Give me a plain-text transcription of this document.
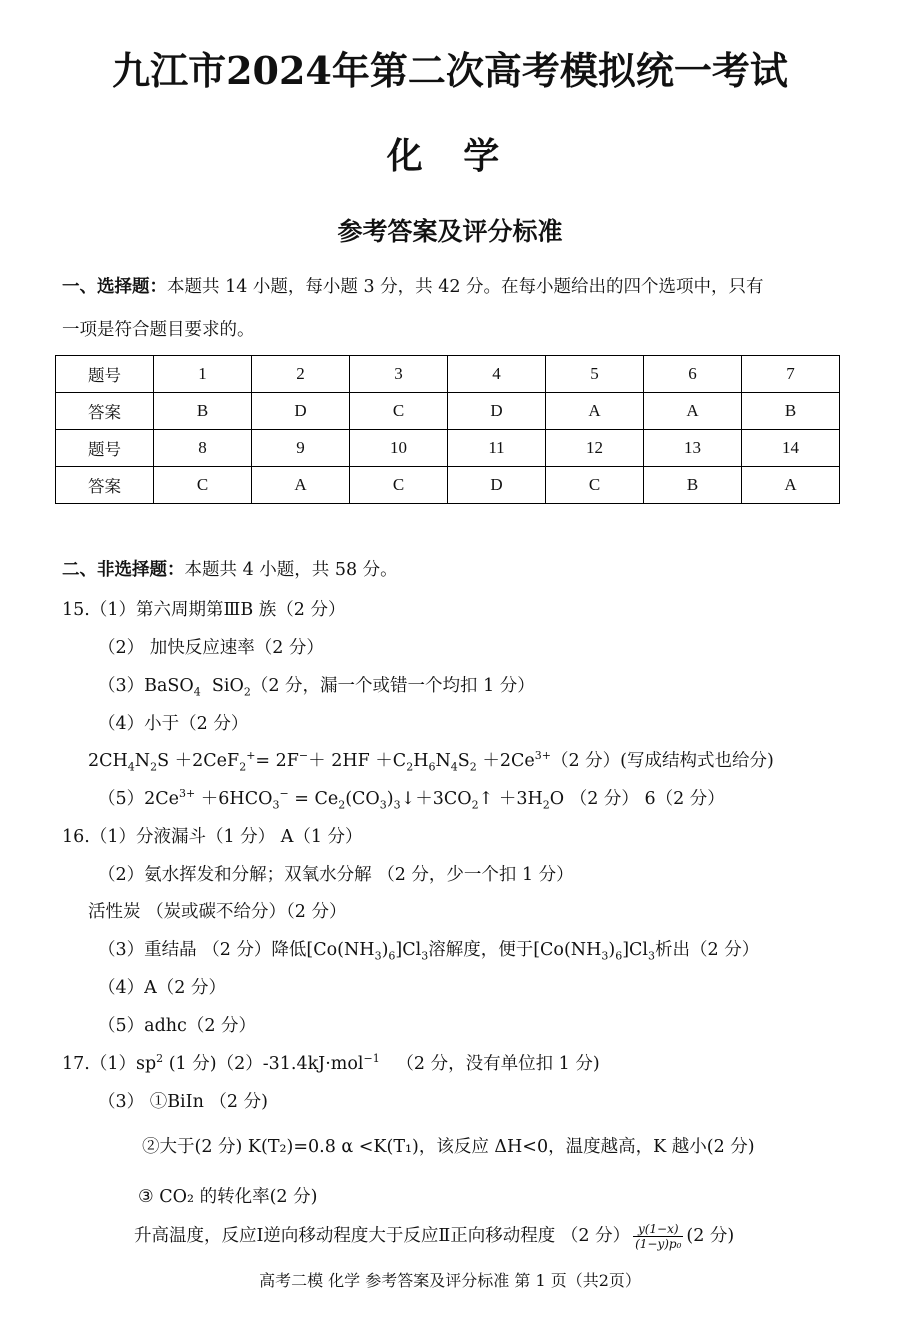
九江市2024年第二次高考模拟统一考试
化 学
参考答案及评分标准
一、选择题：本题共 14 小题，每小题 3 分，共 42 分。在每小题给出的四个选项中，只有
一项是符合题目要求的。
题号	1	2	3	4	5	6	7
答案	B	D	C	D	A	A	B
题号	8	9	10	11	12	13	14
答案	C	A	C	D	C	B	A
二、非选择题：本题共 4 小题，共 58 分。
15.（1）第六周期第ⅢB 族（2 分）
（2） 加快反应速率（2 分）
（3）BaSO$_4$ SiO$_2$（2 分，漏一个或错一个均扣 1 分）
（4）小于（2 分）
$2CH_4N_2S +2CeF_2^+= 2F^-+ 2HF +C_2H_6N_4S_2 +2Ce^{3+}(2$ 分）(写成结构式也给分)
$(5)2Ce^{3+} +6HCO_3^-$ = $Ce_2(CO_3)_3↓+3CO_2↑ +3H_2O$ （2 分） 6（2 分）
16.（1）分液漏斗（1 分） A（1 分）
（2）氨水挥发和分解；双氧水分解 （2 分，少一个扣 1 分）
活性炭 （炭或碳不给分）（2 分）
（3）重结晶 （2 分）降低$[Co(NH_3)_6]Cl_3$溶解度，便于$[Co(NH_3)_6]Cl_3$析出（2 分）
（4）A（2 分）
（5）adhc（2 分）
$17.(1)sp^2$ (1 分)（2）-31.4kJ·mol$^{-1}$ （2 分，没有单位扣 1 分)
（3） ①BiIn （2 分)
②大于(2 分) K(T₂)=0.8 α <K(T₁)，该反应 ΔH<0，温度越高，K 越小(2 分)
③ CO₂ 的转化率(2 分)
升高温度，反应Ⅰ逆向移动程度大于反应Ⅱ正向移动程度 （2 分） $\frac{y(1-x)}{\text{(1−y)p₀}} (2$ 分)
高考二模 化学 参考答案及评分标准 第 1 页（共2页）
